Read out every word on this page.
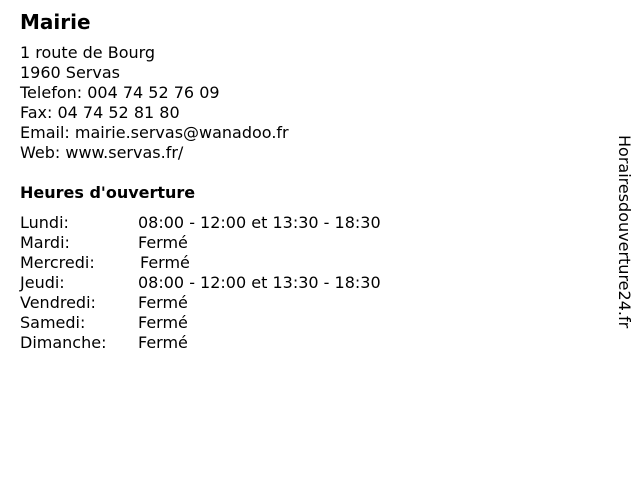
Mairie
1 route de Bourg
1960 Servas
Telefon: 004 74 52 76 09
Fax: 04 74 52 81 80
Email: mairie.servas@wanadoo.fr
Web: www.servas.fr/
Heures d'ouverture
Lundi:	08:00 - 12:00 et 13:30 - 18:30
Mardi:	Fermé
Mercredi:	Fermé
Jeudi:	08:00 - 12:00 et 13:30 - 18:30
Vendredi:	Fermé
Samedi:	Fermé
Dimanche: Fermé
Horairesdouverture24.fr
